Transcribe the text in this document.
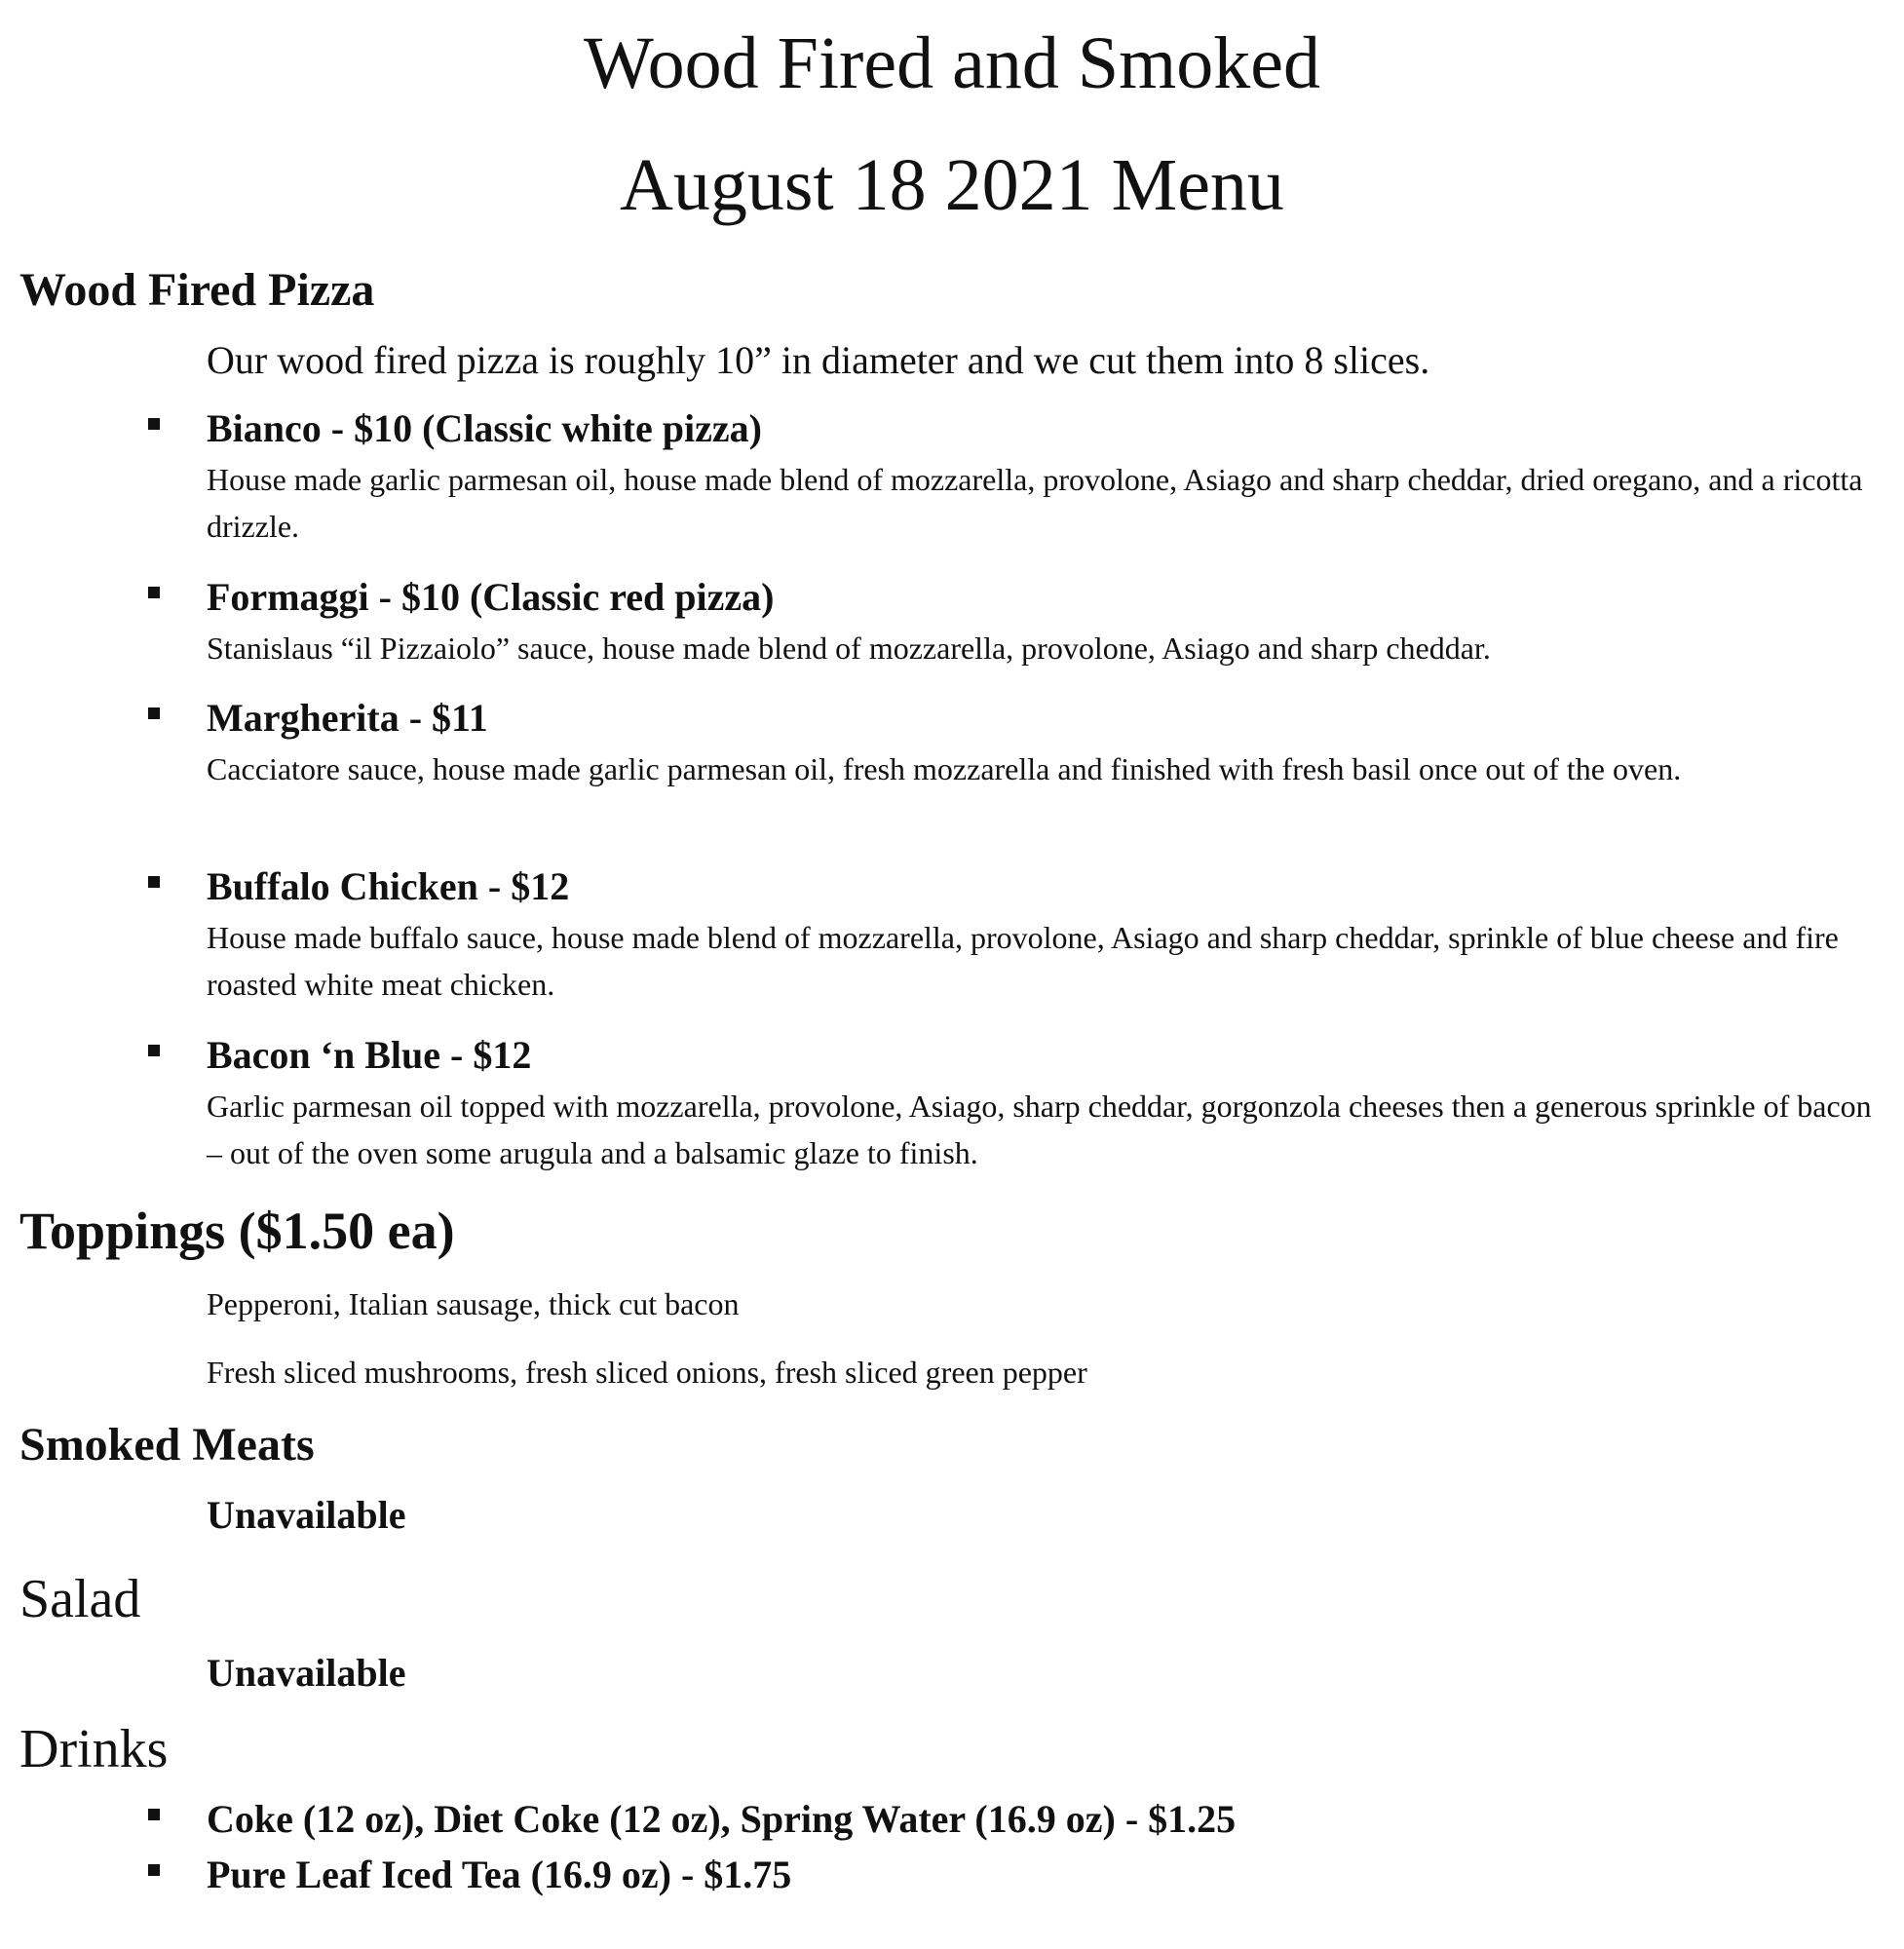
Wood Fired and Smoked
August 18 2021 Menu
Wood Fired Pizza

Our wood fired pizza is roughly 10” in diameter and we cut them into 8 slices.

Bianco - $10 (Classic white pizza)

House made garlic parmesan oil, house made blend of mozzarella, provolone, Asiago and sharp cheddar, dried oregano, and a ricotta drizzle.

Formaggi - $10 (Classic red pizza)

Stanislaus “il Pizzaiolo” sauce, house made blend of mozzarella, provolone, Asiago and sharp cheddar.

Margherita - $11

Cacciatore sauce, house made garlic parmesan oil, fresh mozzarella and finished with fresh basil once out of the oven.

Buffalo Chicken - $12

House made buffalo sauce, house made blend of mozzarella, provolone, Asiago and sharp cheddar, sprinkle of blue cheese and fire roasted white meat chicken.

Bacon ‘n Blue - $12

Garlic parmesan oil topped with mozzarella, provolone, Asiago, sharp cheddar, gorgonzola cheeses then a generous sprinkle of bacon – out of the oven some arugula and a balsamic glaze to finish.

Toppings ($1.50 ea)

Pepperoni, Italian sausage, thick cut bacon

Fresh sliced mushrooms, fresh sliced onions, fresh sliced green pepper

Smoked Meats

Unavailable

Salad

Unavailable

Drinks

Coke (12 oz), Diet Coke (12 oz), Spring Water (16.9 oz) - $1.25

Pure Leaf Iced Tea (16.9 oz) - $1.75
